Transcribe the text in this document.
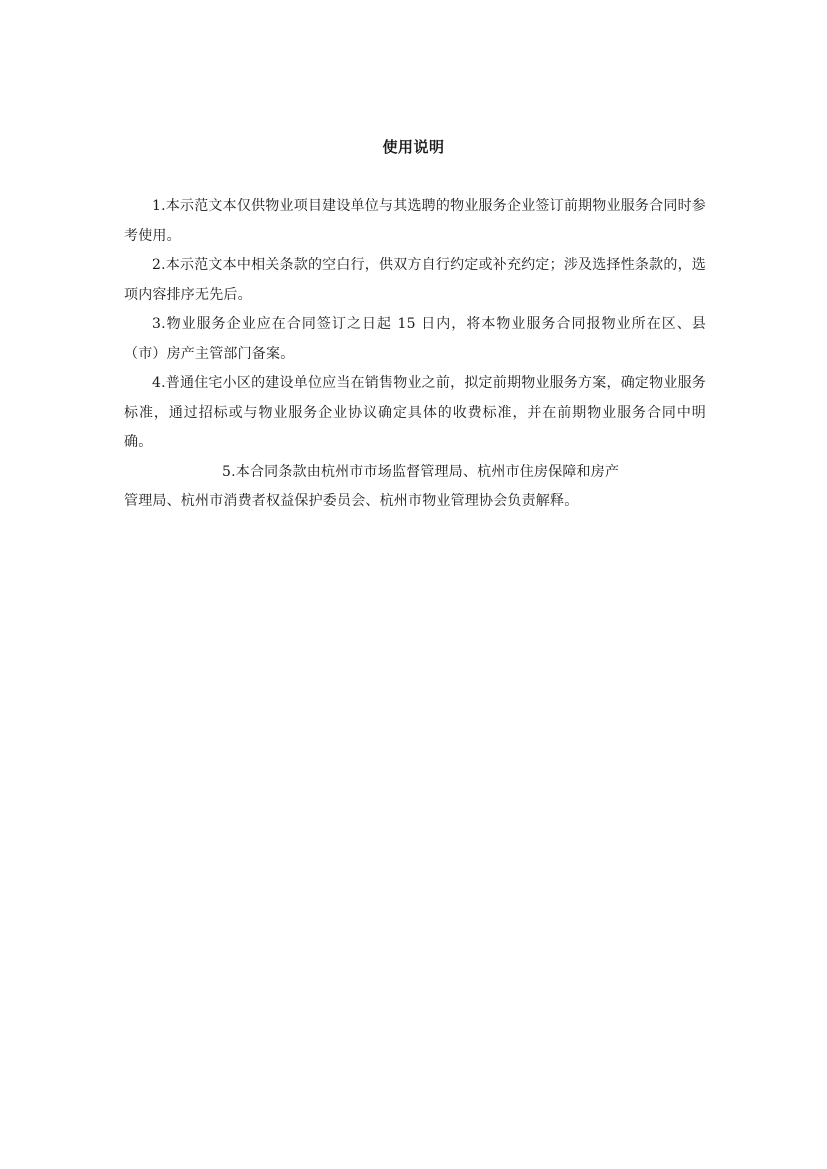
使用说明

1.本示范文本仅供物业项目建设单位与其选聘的物业服务企业签订前期物业服务合同时参考使用。

2.本示范文本中相关条款的空白行，供双方自行约定或补充约定；涉及选择性条款的，选项内容排序无先后。

3.物业服务企业应在合同签订之日起 15 日内，将本物业服务合同报物业所在区、县（市）房产主管部门备案。

4.普通住宅小区的建设单位应当在销售物业之前，拟定前期物业服务方案，确定物业服务标准，通过招标或与物业服务企业协议确定具体的收费标准，并在前期物业服务合同中明确。

5.本合同条款由杭州市市场监督管理局、杭州市住房保障和房产

管理局、杭州市消费者权益保护委员会、杭州市物业管理协会负责解释。
